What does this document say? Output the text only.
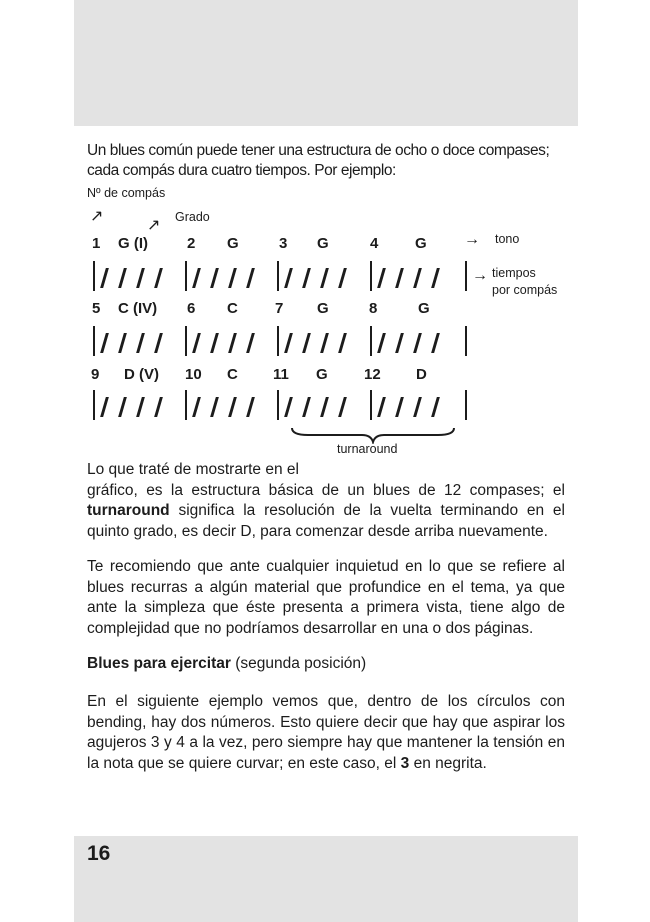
Un blues común puede tener una estructura de ocho o doce compases; cada compás dura cuatro tiempos. Por ejemplo:

Nº de compás
↗
↗ Grado
1 G (I)	2 G	3 G	4 G → tono
→ tiempos
por compás
5 C (IV) 6 C 7 G	8	G
9 D (V) 10 C 11 G 12 D
turnaround
Lo que traté de mostrarte en el
gráfico, es la estructura básica de un blues de 12 compases; el turnaround significa la resolución de la vuelta terminando en el quinto grado, es decir D, para comenzar desde arriba nuevamente.

Te recomiendo que ante cualquier inquietud en lo que se refiere al blues recurras a algún material que profundice en el tema, ya que ante la simpleza que éste presenta a primera vista, tiene algo de complejidad que no podríamos desarrollar en una o dos páginas.

Blues para ejercitar (segunda posición)

En el siguiente ejemplo vemos que, dentro de los círculos con bending, hay dos números. Esto quiere decir que hay que aspirar los agujeros 3 y 4 a la vez, pero siempre hay que mantener la tensión en la nota que se quiere curvar; en este caso, el 3 en negrita.

16
